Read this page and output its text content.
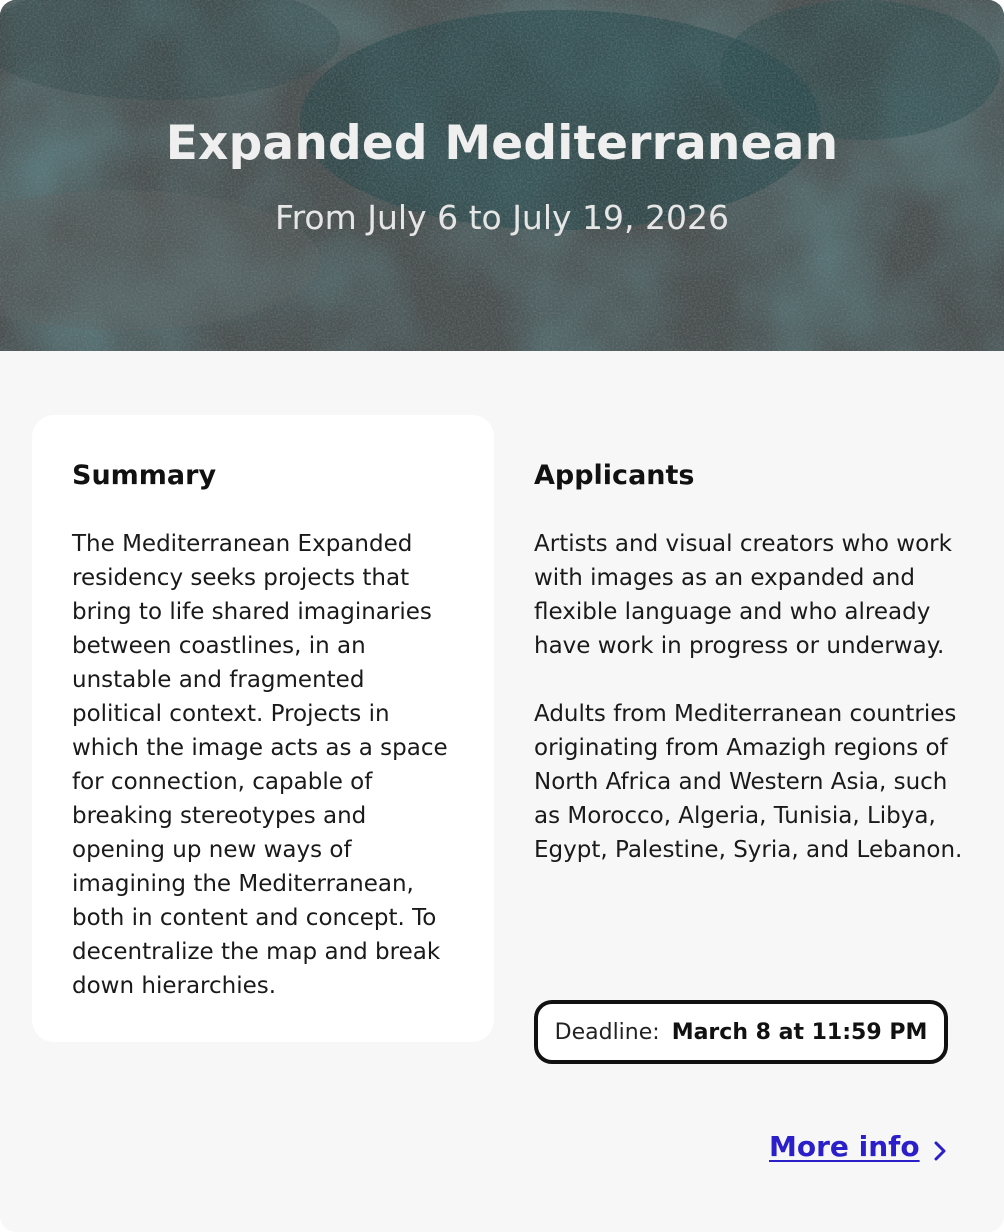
Expanded Mediterranean
From July 6 to July 19, 2026
Summary

The Mediterranean Expanded residency seeks projects that bring to life shared imaginaries between coastlines, in an unstable and fragmented political context. Projects in which the image acts as a space for connection, capable of breaking stereotypes and opening up new ways of imagining the Mediterranean, both in content and concept. To decentralize the map and break down hierarchies.

Applicants

Artists and visual creators who work with images as an expanded and flexible language and who already have work in progress or underway.

Adults from Mediterranean countries originating from Amazigh regions of North Africa and Western Asia, such as Morocco, Algeria, Tunisia, Libya, Egypt, Palestine, Syria, and Lebanon.

Deadline: March 8 at 11:59 PM
More info
